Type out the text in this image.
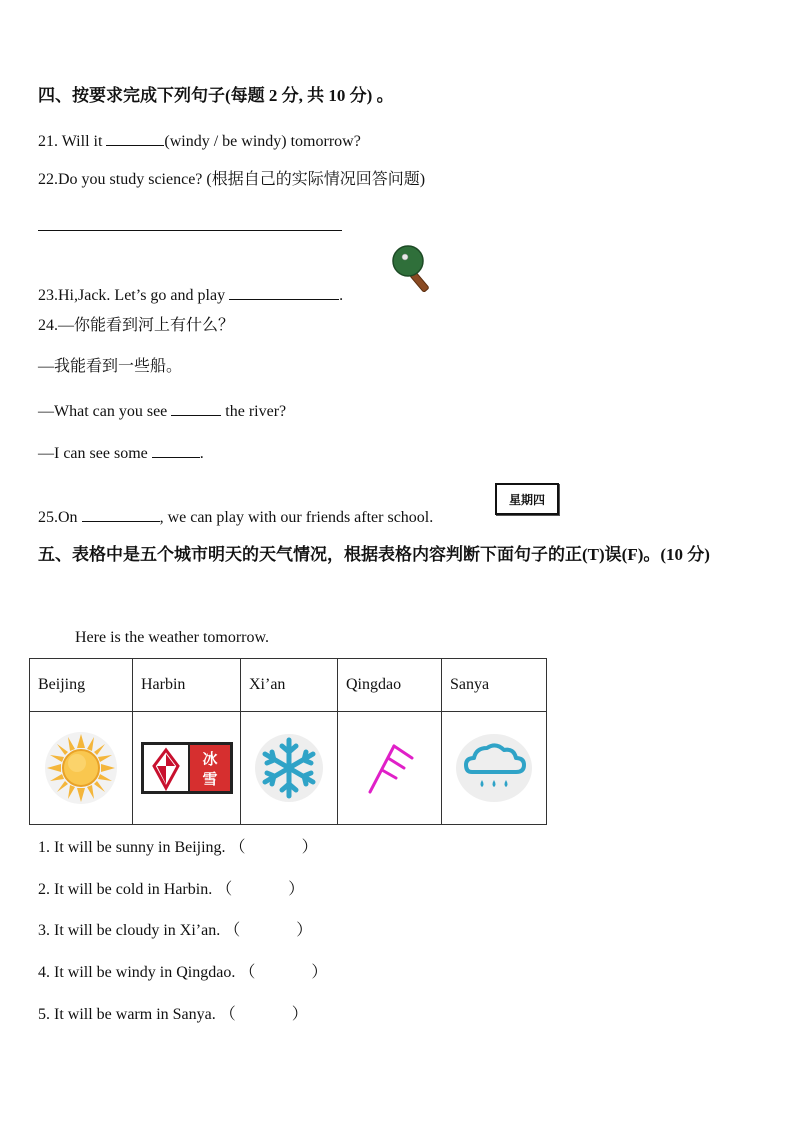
四、按要求完成下列句子(每题 2 分, 共 10 分) 。
21. Will it	(windy / be windy) tomorrow?
22.Do you study science? (根据自己的实际情况回答问题)
23.Hi,Jack. Let’s go and play	.
24.—你能看到河上有什么？
—我能看到一些船。
—What can you see	the river?
—I can see some	.
25.On	, we can play with our friends after school.
星期四
五、表格中是五个城市明天的天气情况，根据表格内容判断下面句子的正(T)误(F)。(10 分)
Here is the weather tomorrow.
Beijing	Harbin	Xi’an	Qingdao	Sanya

冰
雪

1. It will be sunny in Beijing. （	）
2. It will be cold in Harbin. （	）
3. It will be cloudy in Xi’an. （	）
4. It will be windy in Qingdao. （	）
5. It will be warm in Sanya. （	）
